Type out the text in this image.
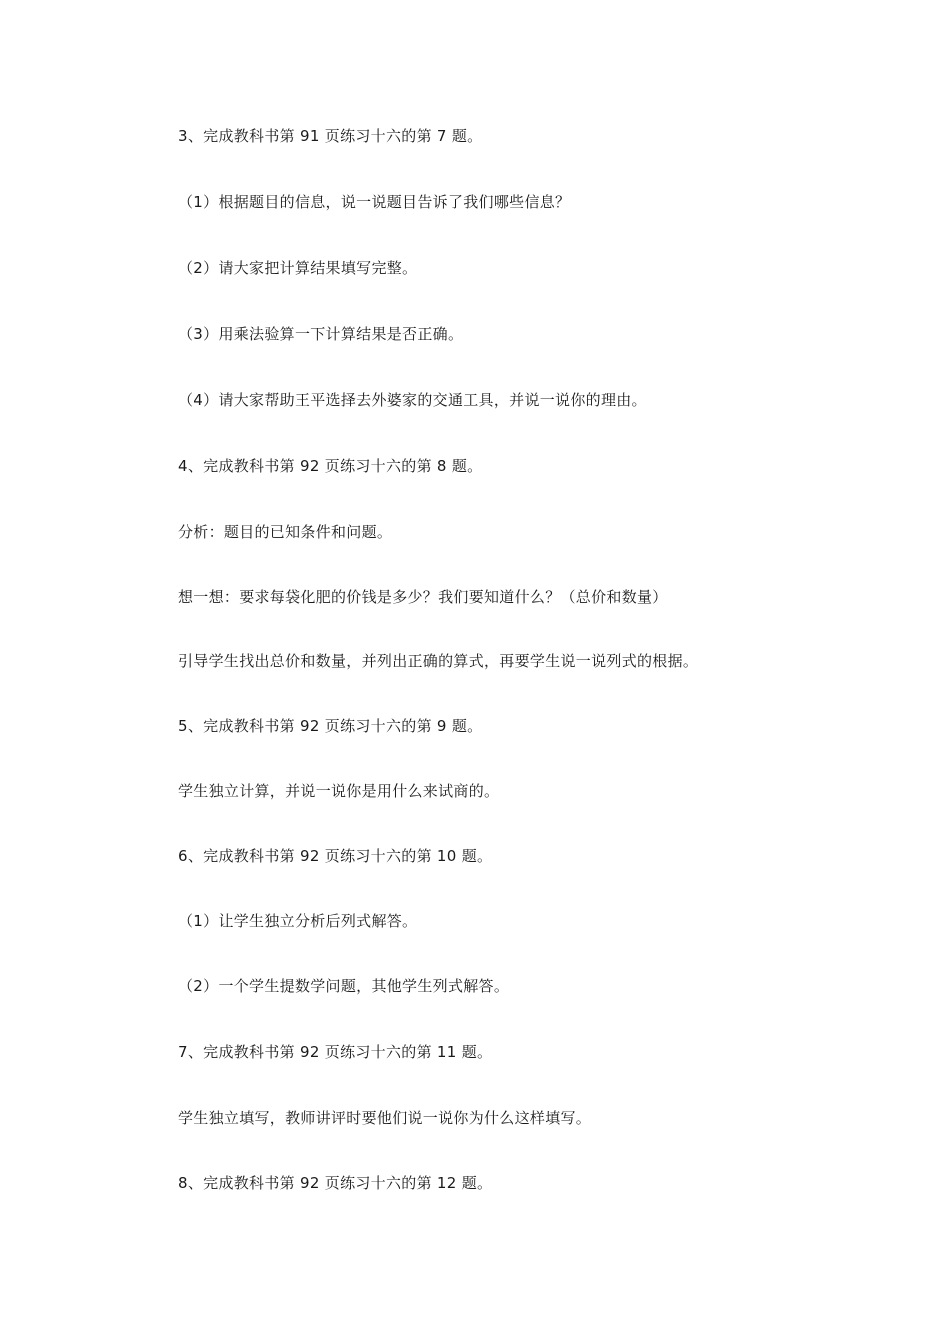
3、完成教科书第 91 页练习十六的第 7 题。

（1）根据题目的信息，说一说题目告诉了我们哪些信息？

（2）请大家把计算结果填写完整。

（3）用乘法验算一下计算结果是否正确。

（4）请大家帮助王平选择去外婆家的交通工具，并说一说你的理由。

4、完成教科书第 92 页练习十六的第 8 题。

分析：题目的已知条件和问题。

想一想：要求每袋化肥的价钱是多少？我们要知道什么？（总价和数量）

引导学生找出总价和数量，并列出正确的算式，再要学生说一说列式的根据。

5、完成教科书第 92 页练习十六的第 9 题。

学生独立计算，并说一说你是用什么来试商的。

6、完成教科书第 92 页练习十六的第 10 题。

（1）让学生独立分析后列式解答。

（2）一个学生提数学问题，其他学生列式解答。

7、完成教科书第 92 页练习十六的第 11 题。

学生独立填写，教师讲评时要他们说一说你为什么这样填写。

8、完成教科书第 92 页练习十六的第 12 题。
